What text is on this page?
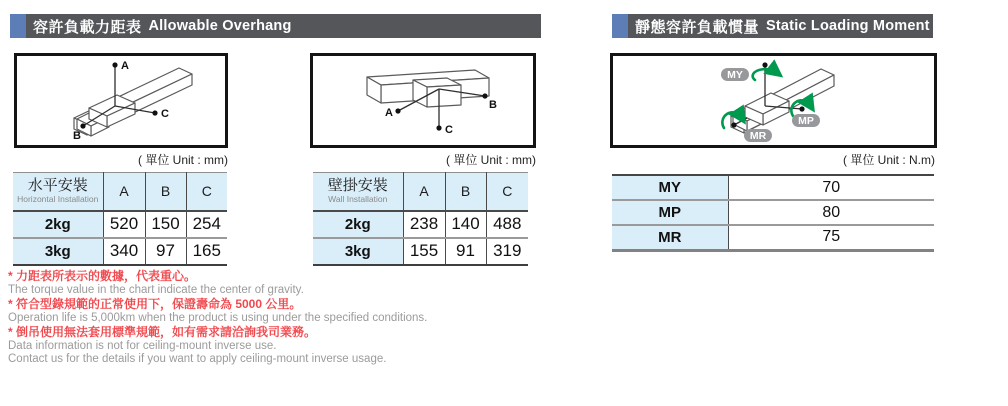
容許負載力距表 Allowable Overhang
A
B
C
( 單位 Unit : mm)
水平安裝
Horizontal Installation	A	B	C
2kg	520	150	254
3kg	340	97	165
A
B
C
( 單位 Unit : mm)
壁掛安裝
Wall Installation	A	B	C
2kg	238	140	488
3kg	155	91	319
靜態容許負載慣量 Static Loading Moment
MY
MP
MR
( 單位 Unit : N.m)
MY	70
MP	80
MR	75
* 力距表所表示的數據，代表重心。
The torque value in the chart indicate the center of gravity.
* 符合型錄規範的正常使用下，保證壽命為 5000 公里。
Operation life is 5,000km when the product is using under the specified conditions.
* 倒吊使用無法套用標準規範，如有需求請洽詢我司業務。
Data information is not for ceiling-mount inverse use.
Contact us for the details if you want to apply ceiling-mount inverse usage.
